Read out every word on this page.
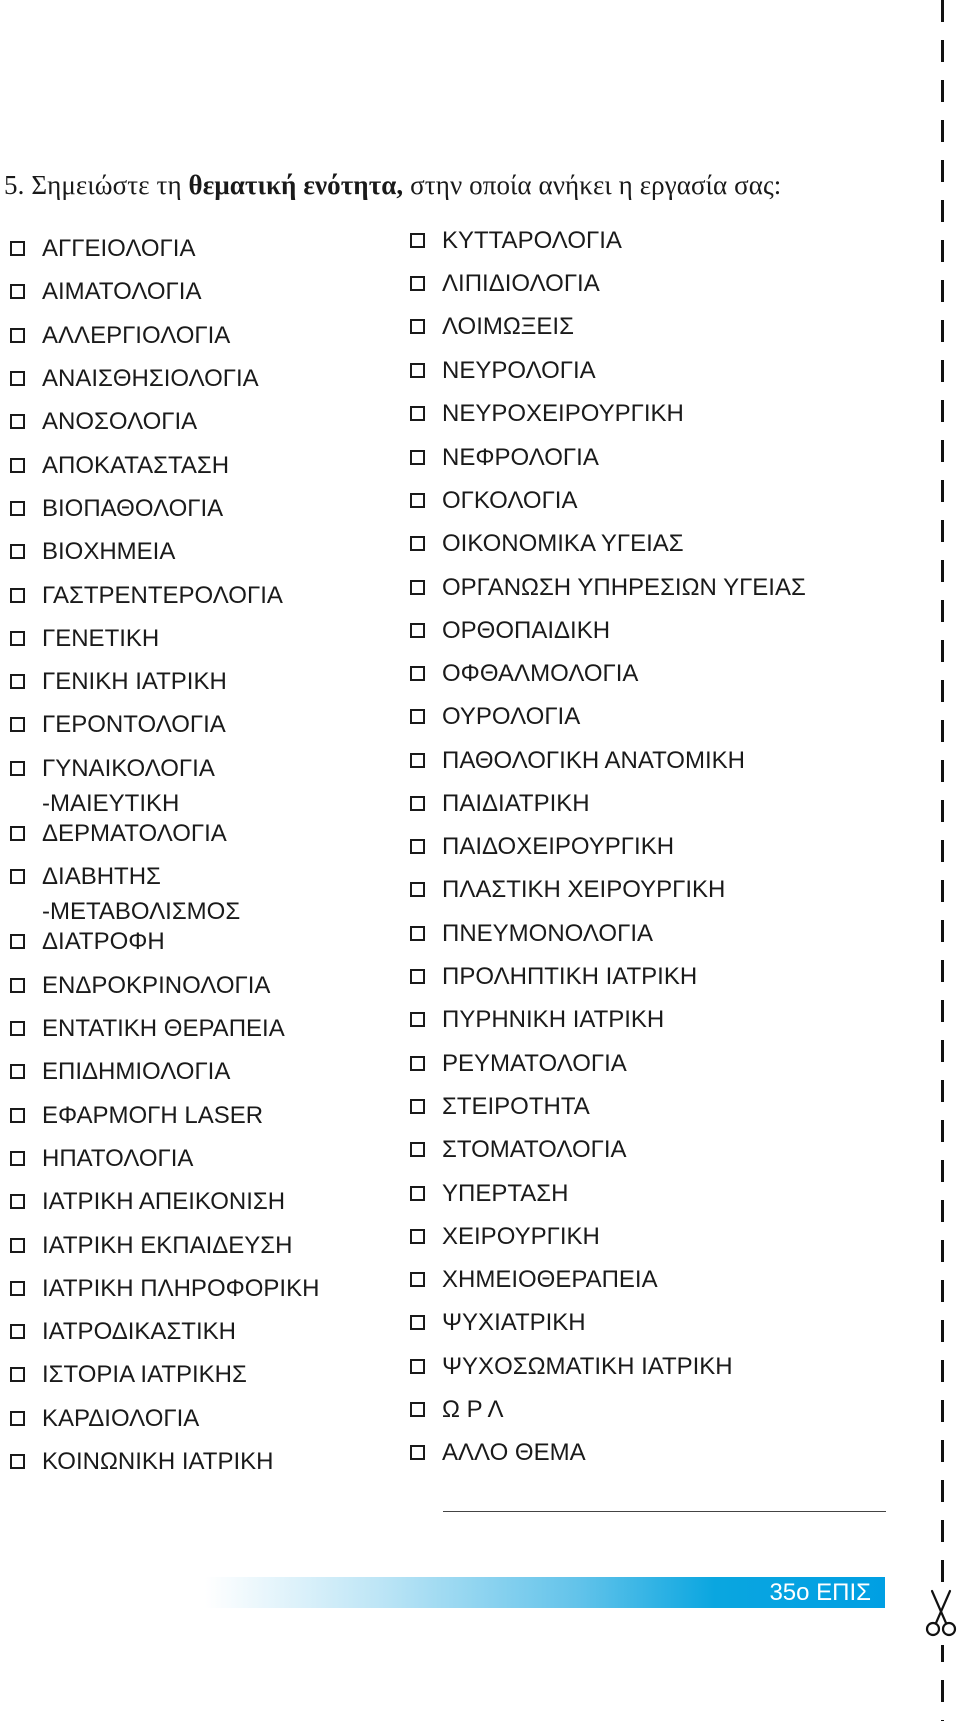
5. Σημειώστε τη θεματική ενότητα, στην οποία ανήκει η εργασία σας:
ΑΓΓΕΙΟΛΟΓΙΑ
ΑΙΜΑΤΟΛΟΓΙΑ
ΑΛΛΕΡΓΙΟΛΟΓΙΑ
ΑΝΑΙΣΘΗΣΙΟΛΟΓΙΑ
ΑΝΟΣΟΛΟΓΙΑ
ΑΠΟΚΑΤΑΣΤΑΣΗ
ΒΙΟΠΑΘΟΛΟΓΙΑ
ΒΙΟΧΗΜΕΙΑ
ΓΑΣΤΡΕΝΤΕΡΟΛΟΓΙΑ
ΓΕΝΕΤΙΚΗ
ΓΕΝΙΚΗ ΙΑΤΡΙΚΗ
ΓΕΡΟΝΤΟΛΟΓΙΑ
ΓΥΝΑΙΚΟΛΟΓΙΑ
-ΜΑΙΕΥΤΙΚΗ
ΔΕΡΜΑΤΟΛΟΓΙΑ
ΔΙΑΒΗΤΗΣ
-ΜΕΤΑΒΟΛΙΣΜΟΣ
ΔΙΑΤΡΟΦΗ
ΕΝΔΡΟΚΡΙΝΟΛΟΓΙΑ
ΕΝΤΑΤΙΚΗ ΘΕΡΑΠΕΙΑ
ΕΠΙΔΗΜΙΟΛΟΓΙΑ
ΕΦΑΡΜΟΓΗ LASER
ΗΠΑΤΟΛΟΓΙΑ
ΙΑΤΡΙΚΗ ΑΠΕΙΚΟΝΙΣΗ
ΙΑΤΡΙΚΗ ΕΚΠΑΙΔΕΥΣΗ
ΙΑΤΡΙΚΗ ΠΛΗΡΟΦΟΡΙΚΗ
ΙΑΤΡΟΔΙΚΑΣΤΙΚΗ
ΙΣΤΟΡΙΑ ΙΑΤΡΙΚΗΣ
ΚΑΡΔΙΟΛΟΓΙΑ
ΚΟΙΝΩΝΙΚΗ ΙΑΤΡΙΚΗ
ΚΥΤΤΑΡΟΛΟΓΙΑ
ΛΙΠΙΔΙΟΛΟΓΙΑ
ΛΟΙΜΩΞΕΙΣ
ΝΕΥΡΟΛΟΓΙΑ
ΝΕΥΡΟΧΕΙΡΟΥΡΓΙΚΗ
ΝΕΦΡΟΛΟΓΙΑ
ΟΓΚΟΛΟΓΙΑ
ΟΙΚΟΝΟΜΙΚΑ ΥΓΕΙΑΣ
ΟΡΓΑΝΩΣΗ ΥΠΗΡΕΣΙΩΝ ΥΓΕΙΑΣ
ΟΡΘΟΠΑΙΔΙΚΗ
ΟΦΘΑΛΜΟΛΟΓΙΑ
ΟΥΡΟΛΟΓΙΑ
ΠΑΘΟΛΟΓΙΚΗ ΑΝΑΤΟΜΙΚΗ
ΠΑΙΔΙΑΤΡΙΚΗ
ΠΑΙΔΟΧΕΙΡΟΥΡΓΙΚΗ
ΠΛΑΣΤΙΚΗ ΧΕΙΡΟΥΡΓΙΚΗ
ΠΝΕΥΜΟΝΟΛΟΓΙΑ
ΠΡΟΛΗΠΤΙΚΗ ΙΑΤΡΙΚΗ
ΠΥΡΗΝΙΚΗ ΙΑΤΡΙΚΗ
ΡΕΥΜΑΤΟΛΟΓΙΑ
ΣΤΕΙΡΟΤΗΤΑ
ΣΤΟΜΑΤΟΛΟΓΙΑ
ΥΠΕΡΤΑΣΗ
ΧΕΙΡΟΥΡΓΙΚΗ
ΧΗΜΕΙΟΘΕΡΑΠΕΙΑ
ΨΥΧΙΑΤΡΙΚΗ
ΨΥΧΟΣΩΜΑΤΙΚΗ ΙΑΤΡΙΚΗ
Ω Ρ Λ
ΑΛΛΟ ΘΕΜΑ
35ο ΕΠΙΣ
